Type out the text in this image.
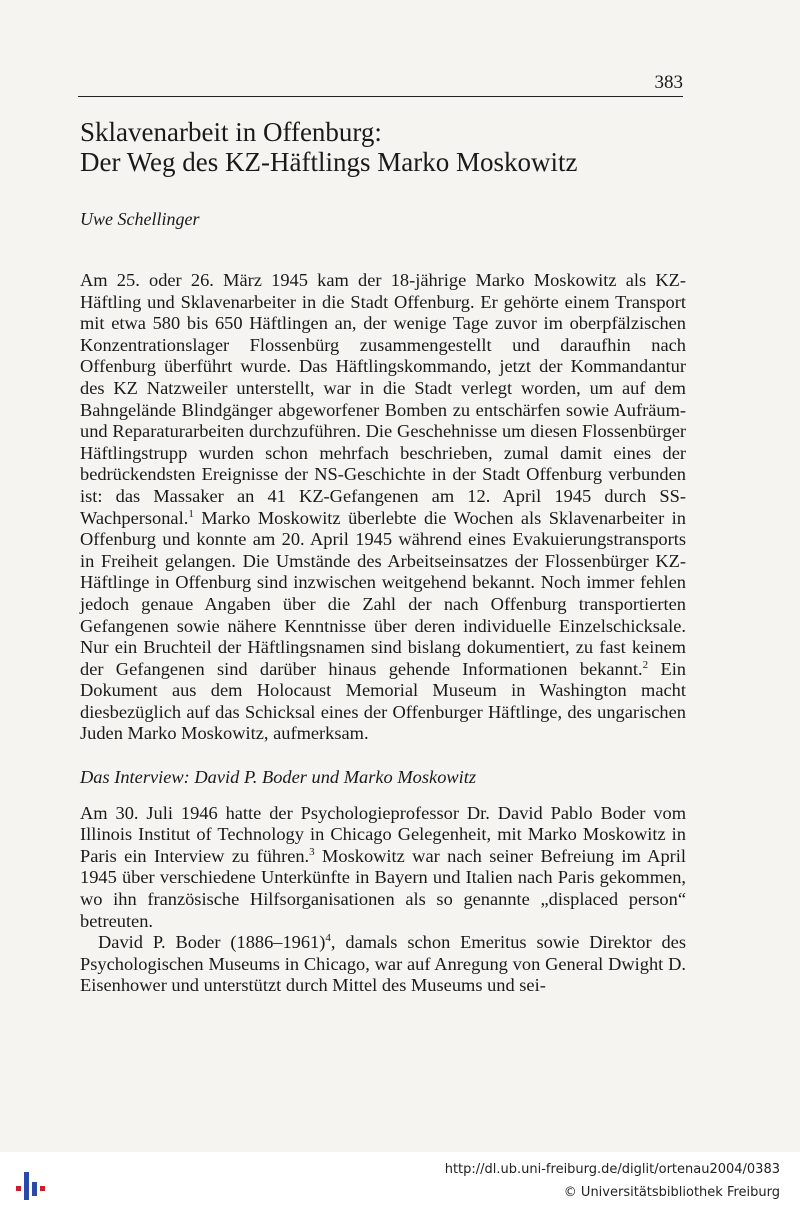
383
Sklavenarbeit in Offenburg:
Der Weg des KZ-Häftlings Marko Moskowitz
Uwe Schellinger

Am 25. oder 26. März 1945 kam der 18-jährige Marko Moskowitz als KZ-Häftling und Sklavenarbeiter in die Stadt Offenburg. Er gehörte einem Transport mit etwa 580 bis 650 Häftlingen an, der wenige Tage zuvor im oberpfälzischen Konzentrationslager Flossenbürg zusammengestellt und daraufhin nach Offenburg überführt wurde. Das Häftlingskommando, jetzt der Kommandantur des KZ Natzweiler unterstellt, war in die Stadt verlegt worden, um auf dem Bahngelände Blindgänger abgeworfener Bomben zu entschärfen sowie Aufräum- und Reparaturarbeiten durchzuführen. Die Geschehnisse um diesen Flossenbürger Häftlingstrupp wurden schon mehrfach beschrieben, zumal damit eines der bedrückendsten Ereignisse der NS-Geschichte in der Stadt Offenburg verbunden ist: das Massaker an 41 KZ-Gefangenen am 12. April 1945 durch SS-Wachpersonal.$^1$ Marko Moskowitz überlebte die Wochen als Sklavenarbeiter in Offenburg und konnte am 20. April 1945 während eines Evakuierungstransports in Freiheit gelangen. Die Umstände des Arbeitseinsatzes der Flossenbürger KZ-Häftlinge in Offenburg sind inzwischen weitgehend bekannt. Noch immer fehlen jedoch genaue Angaben über die Zahl der nach Offenburg transportierten Gefangenen sowie nähere Kenntnisse über deren individuelle Einzelschicksale. Nur ein Bruchteil der Häftlingsnamen sind bislang dokumentiert, zu fast keinem der Gefangenen sind darüber hinaus gehende Informationen bekannt.$^2$ Ein Dokument aus dem Holocaust Memorial Museum in Washington macht diesbezüglich auf das Schicksal eines der Offenburger Häftlinge, des ungarischen Juden Marko Moskowitz, aufmerksam.

Das Interview: David P. Boder und Marko Moskowitz

Am 30. Juli 1946 hatte der Psychologieprofessor Dr. David Pablo Boder vom Illinois Institut of Technology in Chicago Gelegenheit, mit Marko Moskowitz in Paris ein Interview zu führen.$^3$ Moskowitz war nach seiner Befreiung im April 1945 über verschiedene Unterkünfte in Bayern und Italien nach Paris gekommen, wo ihn französische Hilfsorganisationen als so genannte „displaced person“ betreuten.

David P. Boder (1886–1961)$^4$, damals schon Emeritus sowie Direktor des Psychologischen Museums in Chicago, war auf Anregung von General Dwight D. Eisenhower und unterstützt durch Mittel des Museums und sei-

http://dl.ub.uni-freiburg.de/diglit/ortenau2004/0383
© Universitätsbibliothek Freiburg
